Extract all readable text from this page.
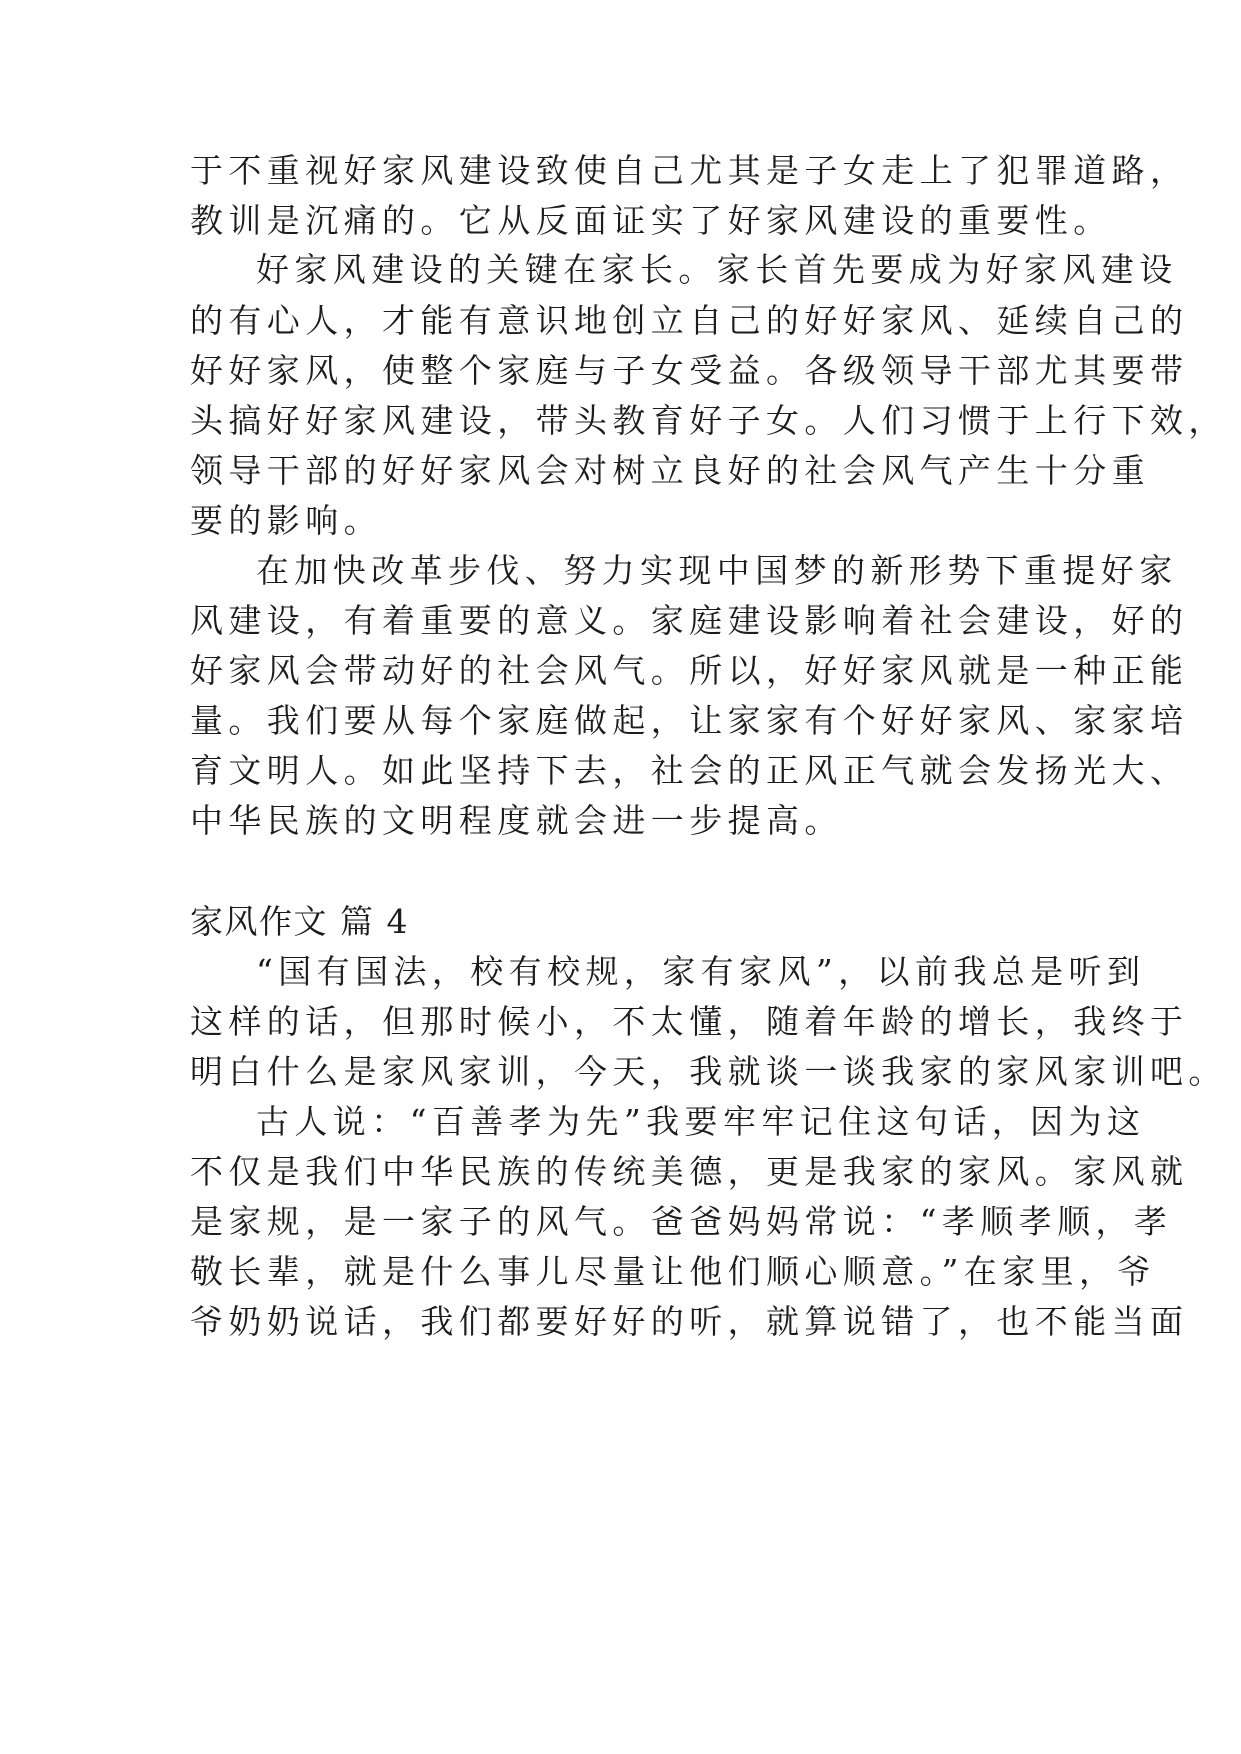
于不重视好家风建设致使自己尤其是子女走上了犯罪道路，
教训是沉痛的。它从反面证实了好家风建设的重要性。
好家风建设的关键在家长。家长首先要成为好家风建设
的有心人，才能有意识地创立自己的好好家风、延续自己的
好好家风，使整个家庭与子女受益。各级领导干部尤其要带
头搞好好家风建设，带头教育好子女。人们习惯于上行下效，
领导干部的好好家风会对树立良好的社会风气产生十分重
要的影响。
在加快改革步伐、努力实现中国梦的新形势下重提好家
风建设，有着重要的意义。家庭建设影响着社会建设，好的
好家风会带动好的社会风气。所以，好好家风就是一种正能
量。我们要从每个家庭做起，让家家有个好好家风、家家培
育文明人。如此坚持下去，社会的正风正气就会发扬光大、
中华民族的文明程度就会进一步提高。
家风作文 篇 4
“国有国法，校有校规，家有家风”，以前我总是听到
这样的话，但那时候小，不太懂，随着年龄的增长，我终于
明白什么是家风家训，今天，我就谈一谈我家的家风家训吧。
古人说：“百善孝为先”我要牢牢记住这句话，因为这
不仅是我们中华民族的传统美德，更是我家的家风。家风就
是家规，是一家子的风气。爸爸妈妈常说：“孝顺孝顺，孝
敬长辈，就是什么事儿尽量让他们顺心顺意。”在家里，爷
爷奶奶说话，我们都要好好的听，就算说错了，也不能当面
